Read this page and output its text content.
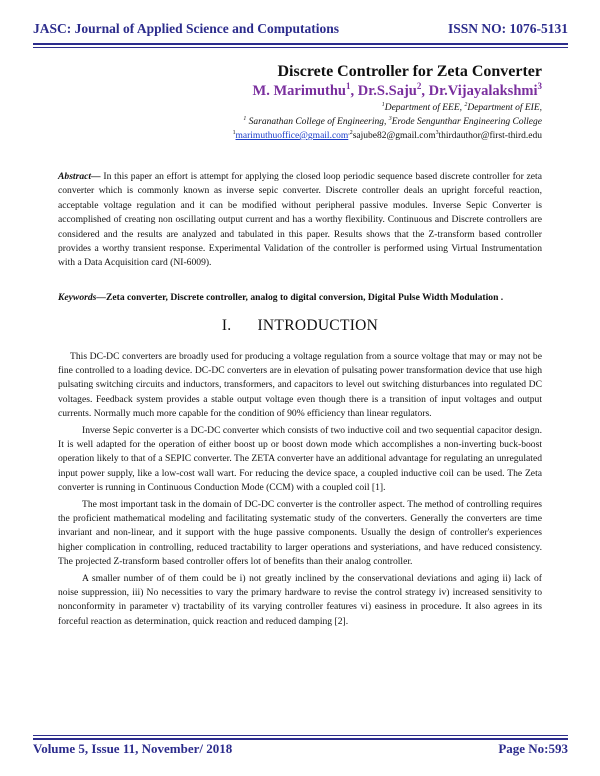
JASC: Journal of Applied Science and Computations	ISSN NO: 1076-5131
Discrete Controller for Zeta Converter
M. Marimuthu$^1$, Dr.S.Saju$^2$, Dr.Vijayalakshmi$^3$
$^1$Department of EEE, $^2$Department of EIE,
$^1$ Saranathan College of Engineering, $^3$Erode Sengunthar Engineering College
$^1$marimuthuoffice@gmail.com$^{,2}$sajube82@gmail.com$^3$thirdauthor@first-third.edu
Abstract— In this paper an effort is attempt for applying the closed loop periodic sequence based discrete controller for zeta converter which is commonly known as inverse sepic converter. Discrete controller deals an upright forceful reaction, acceptable voltage regulation and it can be modified without peripheral passive modules. Inverse Sepic Converter is accomplished of creating non oscillating output current and has a worthy flexibility. Continuous and Discrete controllers are considered and the results are analyzed and tabulated in this paper. Results shows that the Z-transform based controller provides a worthy transient response. Experimental Validation of the controller is performed using Virtual Instrumentation with a Data Acquisition card (NI-6009).
Keywords—Zeta converter, Discrete controller, analog to digital conversion, Digital Pulse Width Modulation .
I. INTRODUCTION

This DC-DC converters are broadly used for producing a voltage regulation from a source voltage that may or may not be fine controlled to a loading device. DC-DC converters are in elevation of pulsating power transformation device that use high pulsating switching circuits and inductors, transformers, and capacitors to level out switching disturbances into regulated DC voltages. Feedback system provides a stable output voltage even though there is a transition of input voltages and output currents. Normally much more capable for the condition of 90% efficiency than linear regulators.

Inverse Sepic converter is a DC-DC converter which consists of two inductive coil and two sequential capacitor design. It is well adapted for the operation of either boost up or boost down mode which accomplishes a non-inverting buck-boost operation likely to that of a SEPIC converter. The ZETA converter have an additional advantage for regulating an unregulated input power supply, like a low-cost wall wart. For reducing the device space, a coupled inductive coil can be used. The Zeta converter is running in Continuous Conduction Mode (CCM) with a coupled coil [1].

The most important task in the domain of DC-DC converter is the controller aspect. The method of controlling requires the proficient mathematical modeling and facilitating systematic study of the converters. Generally the converters are time invariant and non-linear, and it support with the huge passive components. Usually the design of controller's experiences higher complication in controlling, reduced tractability to larger operations and systeriations, and have reduced consistency. The projected Z-transform based controller offers lot of benefits than their analog controller.

A smaller number of of them could be i) not greatly inclined by the conservational deviations and aging ii) lack of noise suppression, iii) No necessities to vary the primary hardware to revise the control strategy iv) increased sensitivity to nonconformity in parameter v) tractability of its varying controller features vi) easiness in procedure. It also agrees in its forceful reaction as determination, quick reaction and reduced damping [2].

Volume 5, Issue 11, November/ 2018	Page No:593
